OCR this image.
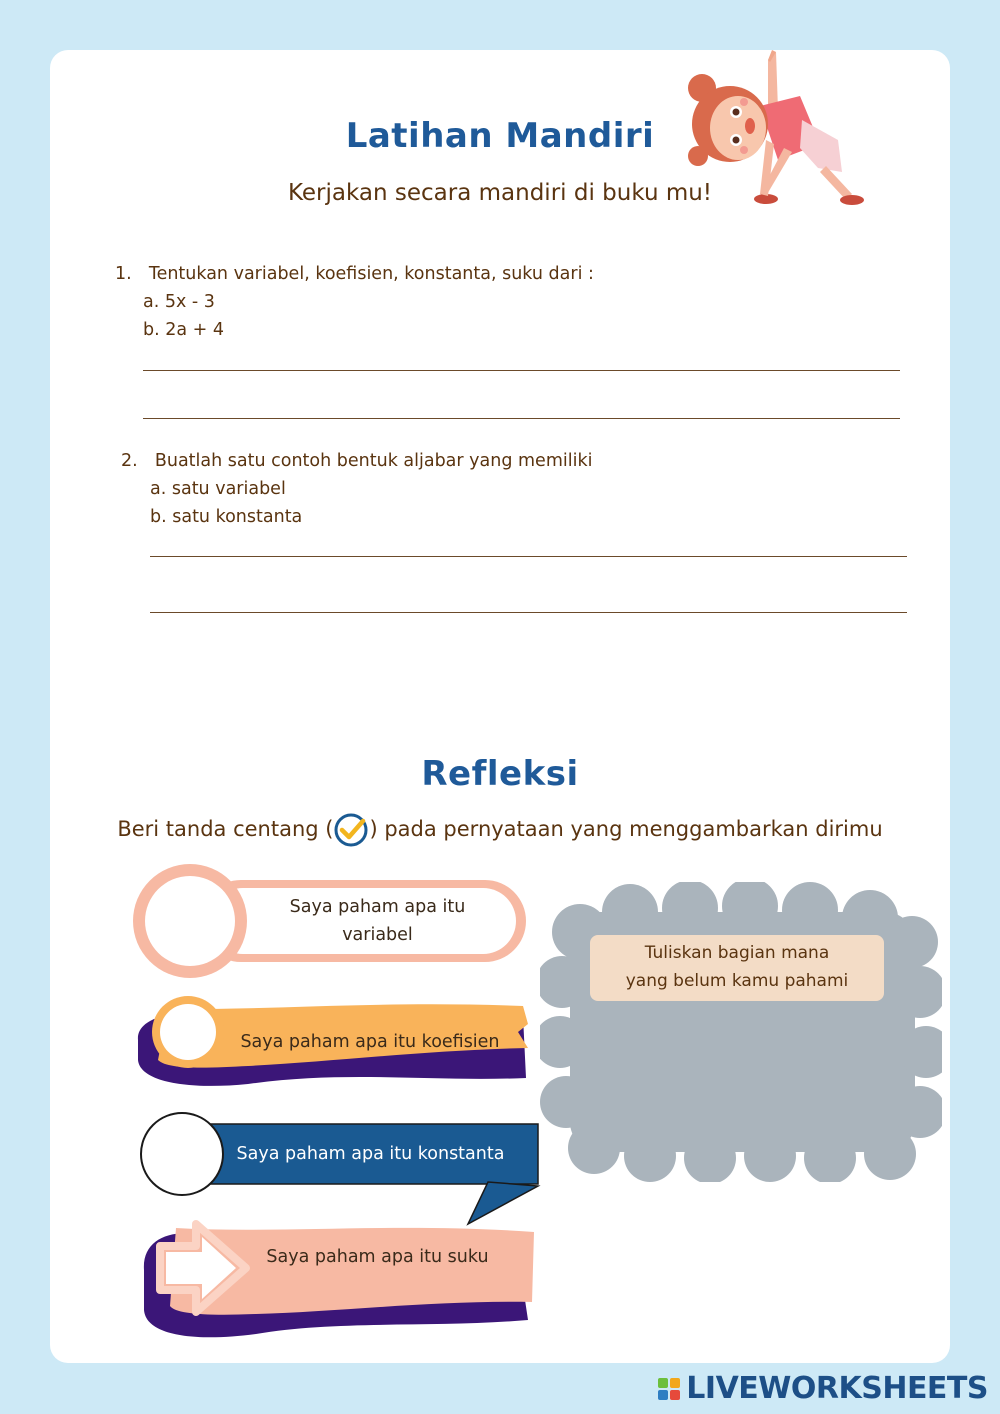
Latihan Mandiri
Kerjakan secara mandiri di buku mu!
1. Tentukan variabel, koefisien, konstanta, suku dari :
a. 5x - 3
b. 2a + 4
2. Buatlah satu contoh bentuk aljabar yang memiliki
a. satu variabel
b. satu konstanta
Refleksi
Beri tanda centang ( ) pada pernyataan yang menggambarkan dirimu
Saya paham apa itu
variabel
Saya paham apa itu koefisien
Saya paham apa itu konstanta
Saya paham apa itu suku
Tuliskan bagian mana
yang belum kamu pahami
LIVEWORKSHEETS
